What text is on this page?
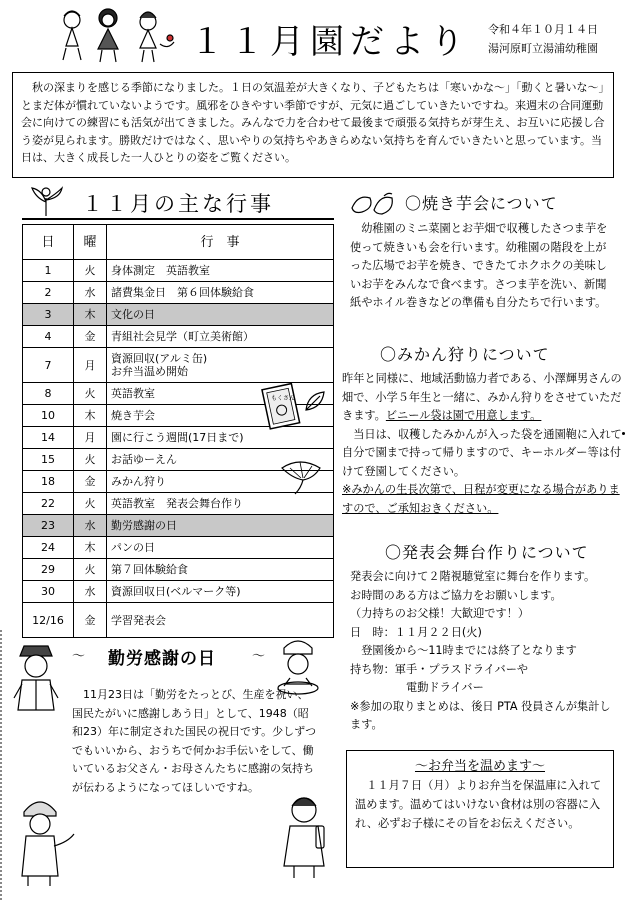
１１月園だより 令和４年１０月１４日
湯河原町立湯浦幼稚園
秋の深まりを感じる季節になりました。１日の気温差が大きくなり、子どもたちは「寒いかな～」「動くと暑いな～」とまだ体が慣れていないようです。風邪をひきやすい季節ですが、元気に過ごしていきたいですね。来週末の合同運動会に向けての練習にも活気が出てきました。みんなで力を合わせて最後まで頑張る気持ちが芽生え、お互いに応援し合う姿が見られます。勝敗だけではなく、思いやりの気持ちやあきらめない気持ちを育んでいきたいと思っています。当日は、大きく成長した一人ひとりの姿をご覧ください。
１１月の主な行事
日	曜	行　事
1	火	身体測定　英語教室
2	水	諸費集金日　第６回体験給食
3	木	文化の日
4	金	青組社会見学（町立美術館）
7	月	資源回収(アルミ缶)
お弁当温め開始

8	火	英語教室
10	木	焼き芋会
14	月	園に行こう週間(17日まで)
15	火	お話ゆーえん
18	金	みかん狩り
22	火	英語教室　発表会舞台作り
23	水	勤労感謝の日
24	木	パンの日
29	火	第７回体験給食
30	水	資源回収日(ベルマーク等)
12/16	金	学習発表会
もくさん
〇焼き芋会について
幼稚園のミニ菜園とお芋畑で収穫したさつま芋を使って焼きいも会を行います。幼稚園の階段を上がった広場でお芋を焼き、できたてホクホクの美味しいお芋をみんなで食べます。さつま芋を洗い、新聞紙やホイル巻きなどの準備も自分たちで行います。
〇みかん狩りについて
昨年と同様に、地域活動協力者である、小澤輝男さんの畑で、小学５年生と一緒に、みかん狩りをさせていただきます。ビニール袋は園で用意します。
当日は、収穫したみかんが入った袋を通園鞄に入れて自分で園まで持って帰りますので、キーホルダー等は付けて登園してください。
※みかんの生長次第で、日程が変更になる場合がありますので、ご承知おきください。
〇発表会舞台作りについて
発表会に向けて２階視聴覚室に舞台を作ります。
お時間のある方はご協力をお願いします。
（力持ちのお父様！大歓迎です！）
日　時：１１月２２日(火)
登園後から～11時までには終了となります
持ち物：軍手・プラスドライバーや
電動ドライバー
※参加の取りまとめは、後日 PTA 役員さんが集計します。
～お弁当を温めます～
１１月７日（月）よりお弁当を保温庫に入れて温めます。温めてはいけない食材は別の容器に入れ、必ずお子様にその旨をお伝えください。
〜 勤労感謝の日	〜
11月23日は「勤労をたっとび、生産を祝い、国民たがいに感謝しあう日」として、1948（昭和23）年に制定された国民の祝日です。少しずつでもいいから、おうちで何かお手伝いをして、働いているお父さん・お母さんたちに感謝の気持ちが伝わるようになってほしいですね。
